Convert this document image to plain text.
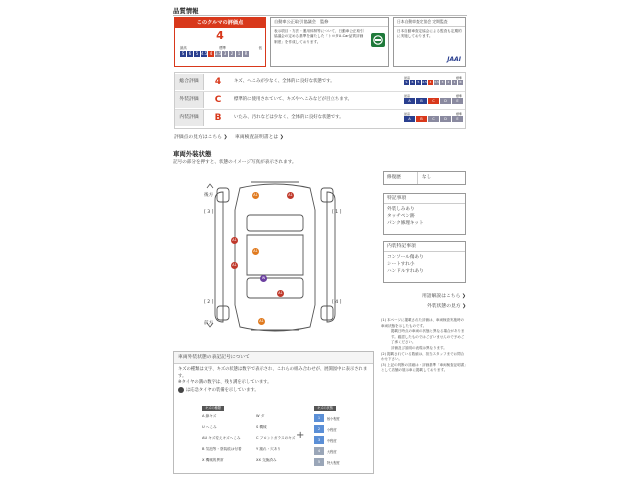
品質情報
このクルマの評価点
4
最高	標準	低
S	6	5 4.5 4 3.5 3	2	1	R
自動車公正取引協議会　監修
表示項目・方法・運用体制等について、日動車公正取引協議会の定める基準を満たした「トヨタU-Car品質評価制度」を作成しております。
日本自動車査定協会 定期監査
日本自動車査定協会による監査も定期的に実施しております。
JAAI
総合評価	4	キズ、へこみが少なく、全体的に良好な状態です。
最高	標準
S	6	5 4.5 4 3.5 3	2	1	R
外装評価	C	標準的に使用されていて、キズやへこみなどが目立ちます。
最高	標準
A	B	C	D	E
内装評価	B	いたみ、汚れなどは少なく、全体的に良好な状態です。
最高	標準
A	B	C	D	E
評価点の見方はこちら ❯ 車両検査証明書とは ❯
車両外装状態
記号の部分を押すと、状態のイメージ写真が表示されます。
後方
前方
[ 3 ]	[ 1 ]
[ 2 ]	[ 4 ]
A1	A1
A1
A1
A1
W
A1
A1
修復歴	なし
特記事項
外装しみあり
タッチペン跡
パンク修理キット
内装特記事項
コンソール傷あり
シートすれ小
ハンドルすれあり
用語解説はこちら ❯
外装状態の見方 ❯
(1) 本ページに掲載された評価は、車両検査実施時の車両状態を示したものです。
掲載日時点の車両の状態と異なる場合があります。確認したものではございませんので予めご了承ください。
評価及び説明の表現は異なります。
(2) 掲載されている数値は、担当スタッフまでお問合わせ下さい。
(3) 上記の判断の詳細は・評価基準「車両検査証明書」として店舗の展示車に掲載しております。
車両外装状態の表記記号について
キズの種類は文字、キズの状態は数字で表示され、これらの組み合わせが、展開図中に表示されます。
※タイヤの溝の数字は、残り溝を示しています。
は応急タイヤの装備を示しています。
キズの種類
A 線キズ
U へこみ
AU キズ変えキズへこみ
B 気泡等・塗装痕は付着
X 機械的異常
W ダ
S 機械
C フロントガラスのキズ
Y 割れ・穴あり
XX 交換済み
+
キズの状態
1	極小程度
2	小程度
3	中程度
4	大程度
5	特大程度
